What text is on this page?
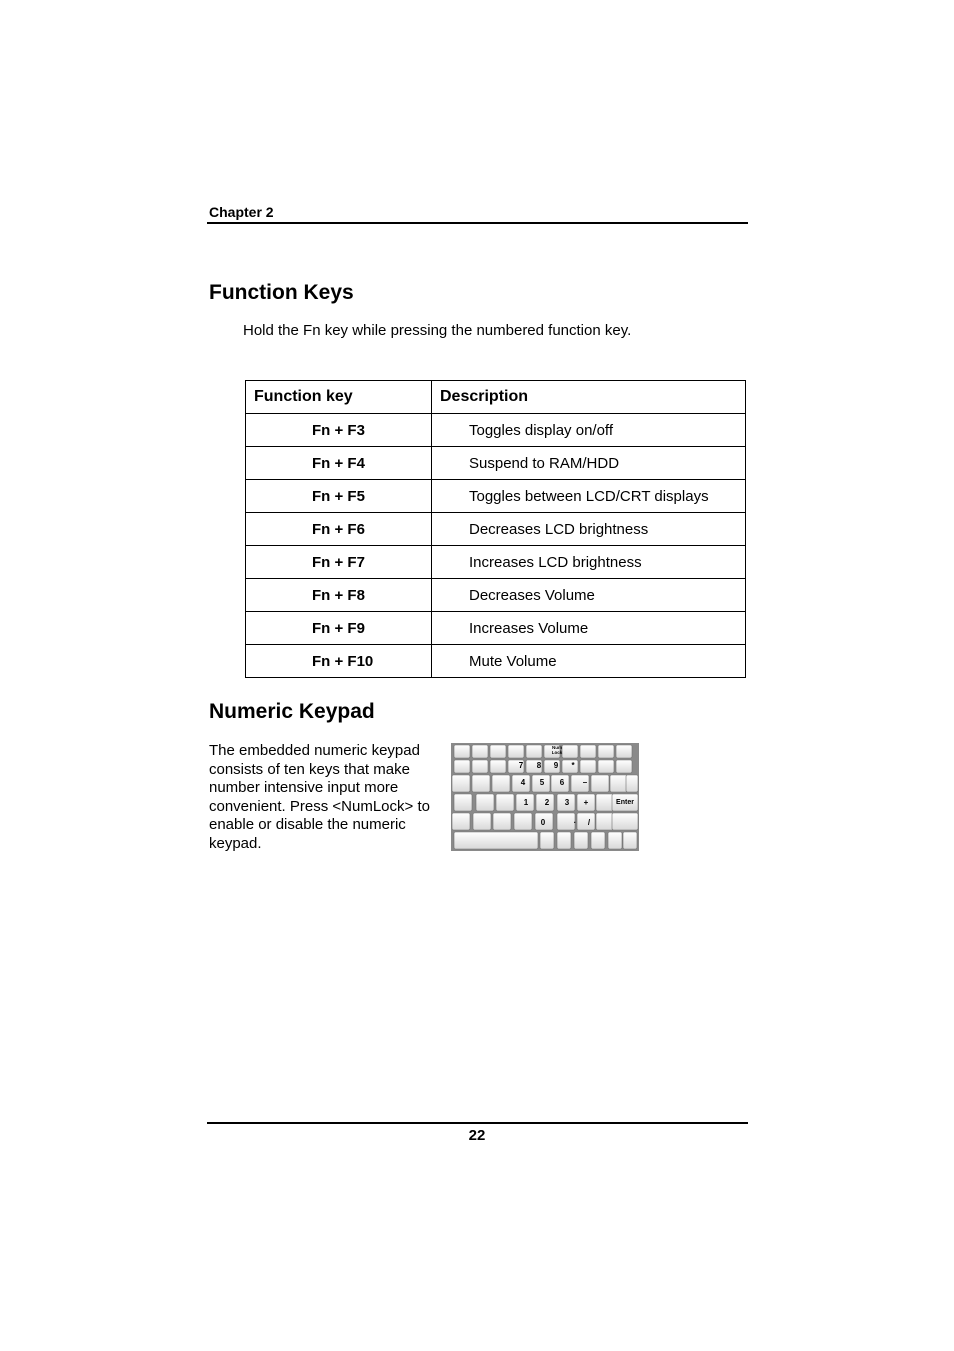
Chapter 2
Function Keys
Hold the Fn key while pressing the numbered function key.
Function key	Description
Fn + F3	Toggles display on/off
Fn + F4	Suspend to RAM/HDD
Fn + F5	Toggles between LCD/CRT displays
Fn + F6	Decreases LCD brightness
Fn + F7	Increases LCD brightness
Fn + F8	Decreases Volume
Fn + F9	Increases Volume
Fn + F10	Mute Volume
Numeric Keypad
The embedded numeric keypad
consists of ten keys that make
number intensive input more
convenient. Press <NumLock> to
enable or disable the numeric
keypad.
Num
Lock
7 8 9 *
4 5 6 –
1 2 3 +	Enter
0	· /
22
